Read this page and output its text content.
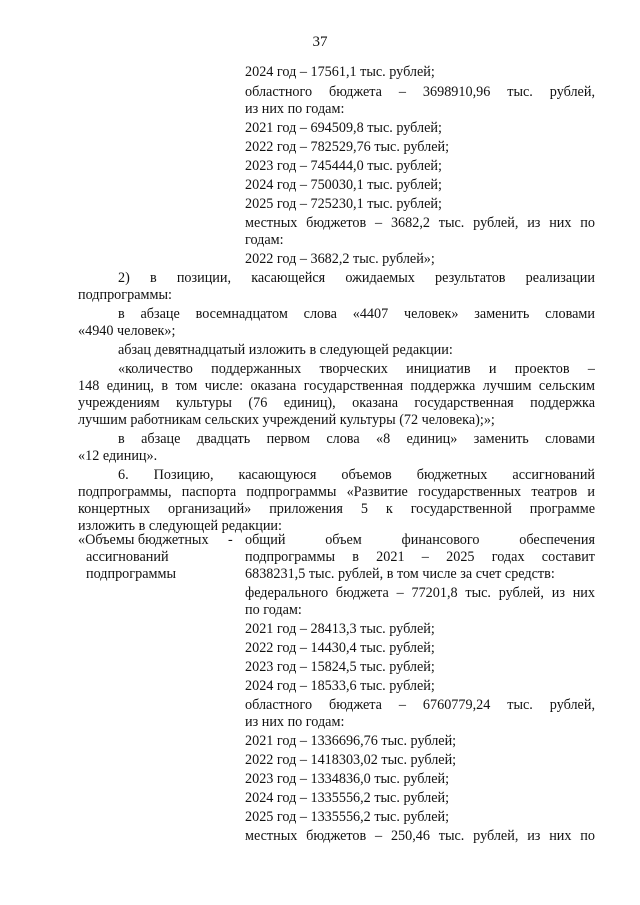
37
2024 год – 17561,1 тыс. рублей;
областного бюджета – 3698910,96 тыс. рублей,
из них по годам:
2021 год – 694509,8 тыс. рублей;
2022 год – 782529,76 тыс. рублей;
2023 год – 745444,0 тыс. рублей;
2024 год – 750030,1 тыс. рублей;
2025 год – 725230,1 тыс. рублей;
местных бюджетов – 3682,2 тыс. рублей, из них по
годам:
2022 год – 3682,2 тыс. рублей»;
2) в позиции, касающейся ожидаемых результатов реализации
подпрограммы:
в абзаце восемнадцатом слова «4407 человек» заменить словами
«4940 человек»;
абзац девятнадцатый изложить в следующей редакции:
«количество поддержанных творческих инициатив и проектов –
148 единиц, в том числе: оказана государственная поддержка лучшим сельским
учреждениям культуры (76 единиц), оказана государственная поддержка
лучшим работникам сельских учреждений культуры (72 человека);»;
в абзаце двадцать первом слова «8 единиц» заменить словами
«12 единиц».
6. Позицию, касающуюся объемов бюджетных ассигнований
подпрограммы, паспорта подпрограммы «Развитие государственных театров и
концертных организаций» приложения 5 к государственной программе
изложить в следующей редакции:
«Объемы бюджетных
ассигнований
подпрограммы
- общий объем финансового обеспечения
подпрограммы в 2021 – 2025 годах составит
6838231,5 тыс. рублей, в том числе за счет средств:
федерального бюджета – 77201,8 тыс. рублей, из них
по годам:
2021 год – 28413,3 тыс. рублей;
2022 год – 14430,4 тыс. рублей;
2023 год – 15824,5 тыс. рублей;
2024 год – 18533,6 тыс. рублей;
областного бюджета – 6760779,24 тыс. рублей,
из них по годам:
2021 год – 1336696,76 тыс. рублей;
2022 год – 1418303,02 тыс. рублей;
2023 год – 1334836,0 тыс. рублей;
2024 год – 1335556,2 тыс. рублей;
2025 год – 1335556,2 тыс. рублей;
местных бюджетов – 250,46 тыс. рублей, из них по
